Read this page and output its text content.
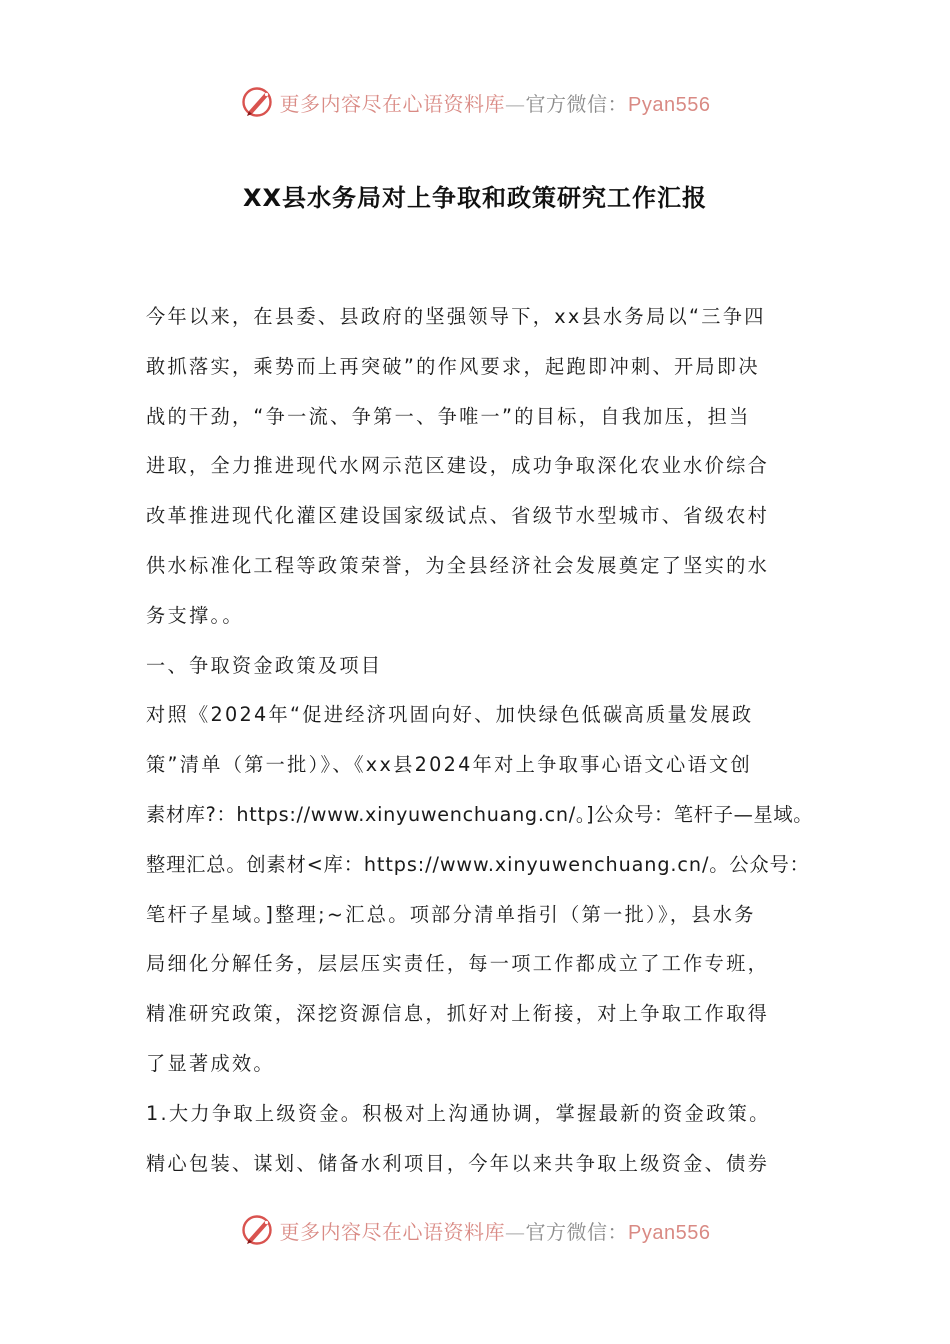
更多内容尽在心语资料库—官方微信：Pyan556
XX县水务局对上争取和政策研究工作汇报
今年以来，在县委、县政府的坚强领导下，xx县水务局以“三争四
敢抓落实，乘势而上再突破”的作风要求，起跑即冲刺、开局即决
战的干劲，“争一流、争第一、争唯一”的目标，自我加压，担当
进取，全力推进现代水网示范区建设，成功争取深化农业水价综合
改革推进现代化灌区建设国家级试点、省级节水型城市、省级农村
供水标准化工程等政策荣誉，为全县经济社会发展奠定了坚实的水
务支撑。。
一、争取资金政策及项目
对照《2024年“促进经济巩固向好、加快绿色低碳高质量发展政
策”清单（第一批）》、《xx县2024年对上争取事心语文心语文创
素材库?：https://www.xinyuwenchuang.cn/。]公众号：笔杆子—星域。
整理汇总。创素材<库：https://www.xinyuwenchuang.cn/。公众号：
笔杆子星域。]整理;~汇总。项部分清单指引（第一批）》，县水务
局细化分解任务，层层压实责任，每一项工作都成立了工作专班，
精准研究政策，深挖资源信息，抓好对上衔接，对上争取工作取得
了显著成效。
1.大力争取上级资金。积极对上沟通协调，掌握最新的资金政策。
精心包装、谋划、储备水利项目，今年以来共争取上级资金、债券
更多内容尽在心语资料库—官方微信：Pyan556
